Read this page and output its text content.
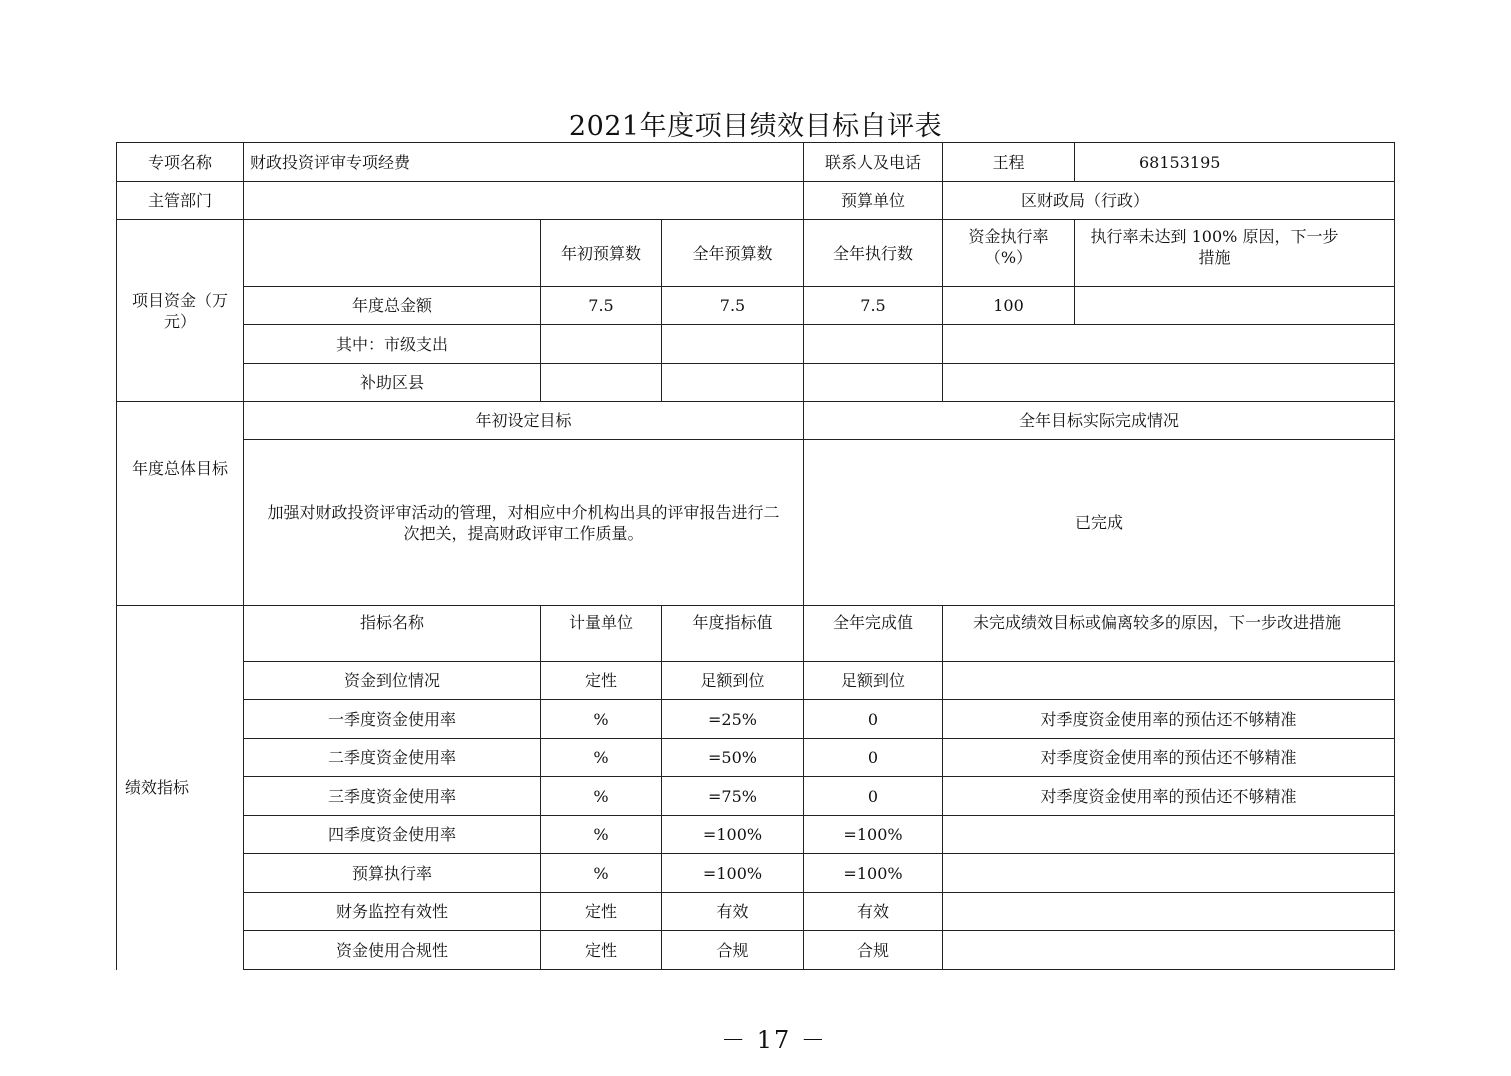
2021年度项目绩效目标自评表
专项名称	财政投资评审专项经费			联系人及电话	王程	68153195
主管部门				预算单位	区财政局（行政）	
项目资金（万元）		年初预算数	全年预算数	全年执行数	资金执行率（%）	执行率未达到 100% 原因，下一步措施
	年度总金额	7.5	7.5	7.5	100	
	其中：市级支出					
	补助区县					

年度总体目标	年初设定目标			全年目标实际完成情况		
	加强对财政投资评审活动的管理，对相应中介机构出具的评审报告进行二次把关，提高财政评审工作质量。			已完成		
绩效指标	指标名称	计量单位	年度指标值	全年完成值	未完成绩效目标或偏离较多的原因，下一步改进措施	
	资金到位情况	定性	足额到位	足额到位		
	一季度资金使用率	%	=25%	0	对季度资金使用率的预估还不够精准	
	二季度资金使用率	%	=50%	0	对季度资金使用率的预估还不够精准	
	三季度资金使用率	%	=75%	0	对季度资金使用率的预估还不够精准	
	四季度资金使用率	%	=100%	=100%		
	预算执行率	%	=100%	=100%		
	财务监控有效性	定性	有效	有效		
	资金使用合规性	定性	合规	合规		
－ 17 －
